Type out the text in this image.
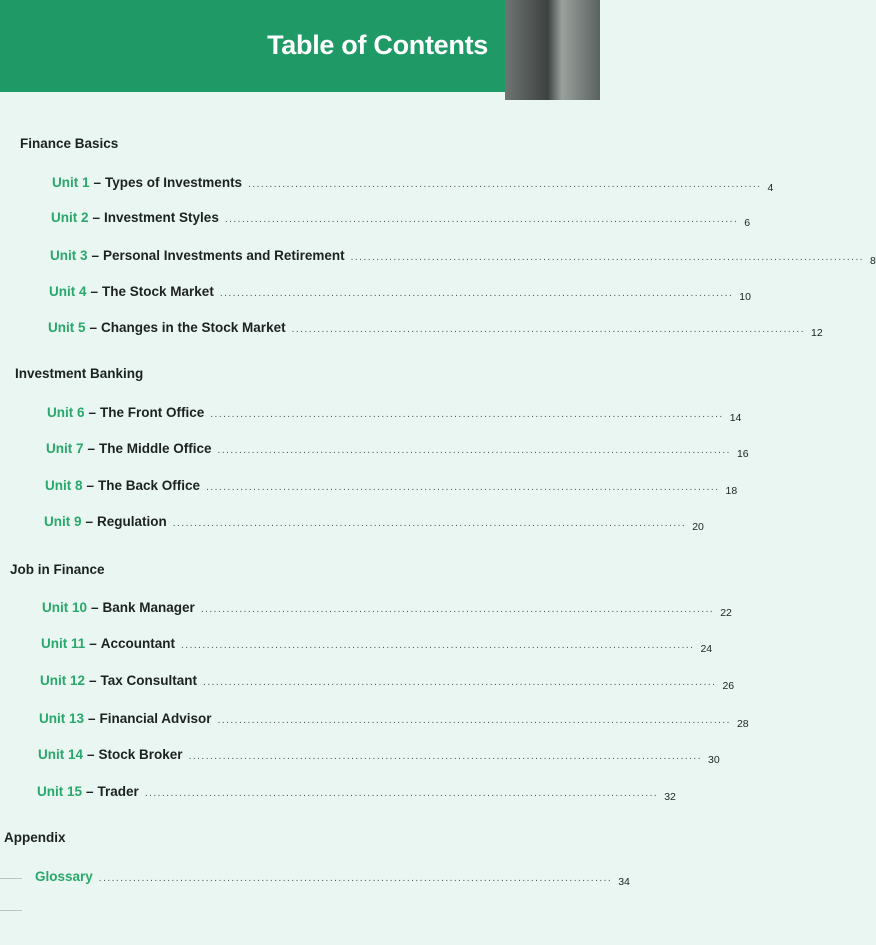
Table of Contents
Finance Basics
Unit 1 – Types of Investments ........................................................................................................................ 4
Unit 2 – Investment Styles ........................................................................................................................ 6
Unit 3 – Personal Investments and Retirement ........................................................................................................................ 8
Unit 4 – The Stock Market ........................................................................................................................ 10
Unit 5 – Changes in the Stock Market ........................................................................................................................ 12
Investment Banking
Unit 6 – The Front Office ........................................................................................................................ 14
Unit 7 – The Middle Office ........................................................................................................................ 16
Unit 8 – The Back Office ........................................................................................................................ 18
Unit 9 – Regulation ........................................................................................................................ 20
Job in Finance
Unit 10 – Bank Manager ........................................................................................................................ 22
Unit 11 – Accountant ........................................................................................................................ 24
Unit 12 – Tax Consultant ........................................................................................................................ 26
Unit 13 – Financial Advisor ........................................................................................................................ 28
Unit 14 – Stock Broker ........................................................................................................................ 30
Unit 15 – Trader ........................................................................................................................ 32
Appendix
Glossary ........................................................................................................................ 34
